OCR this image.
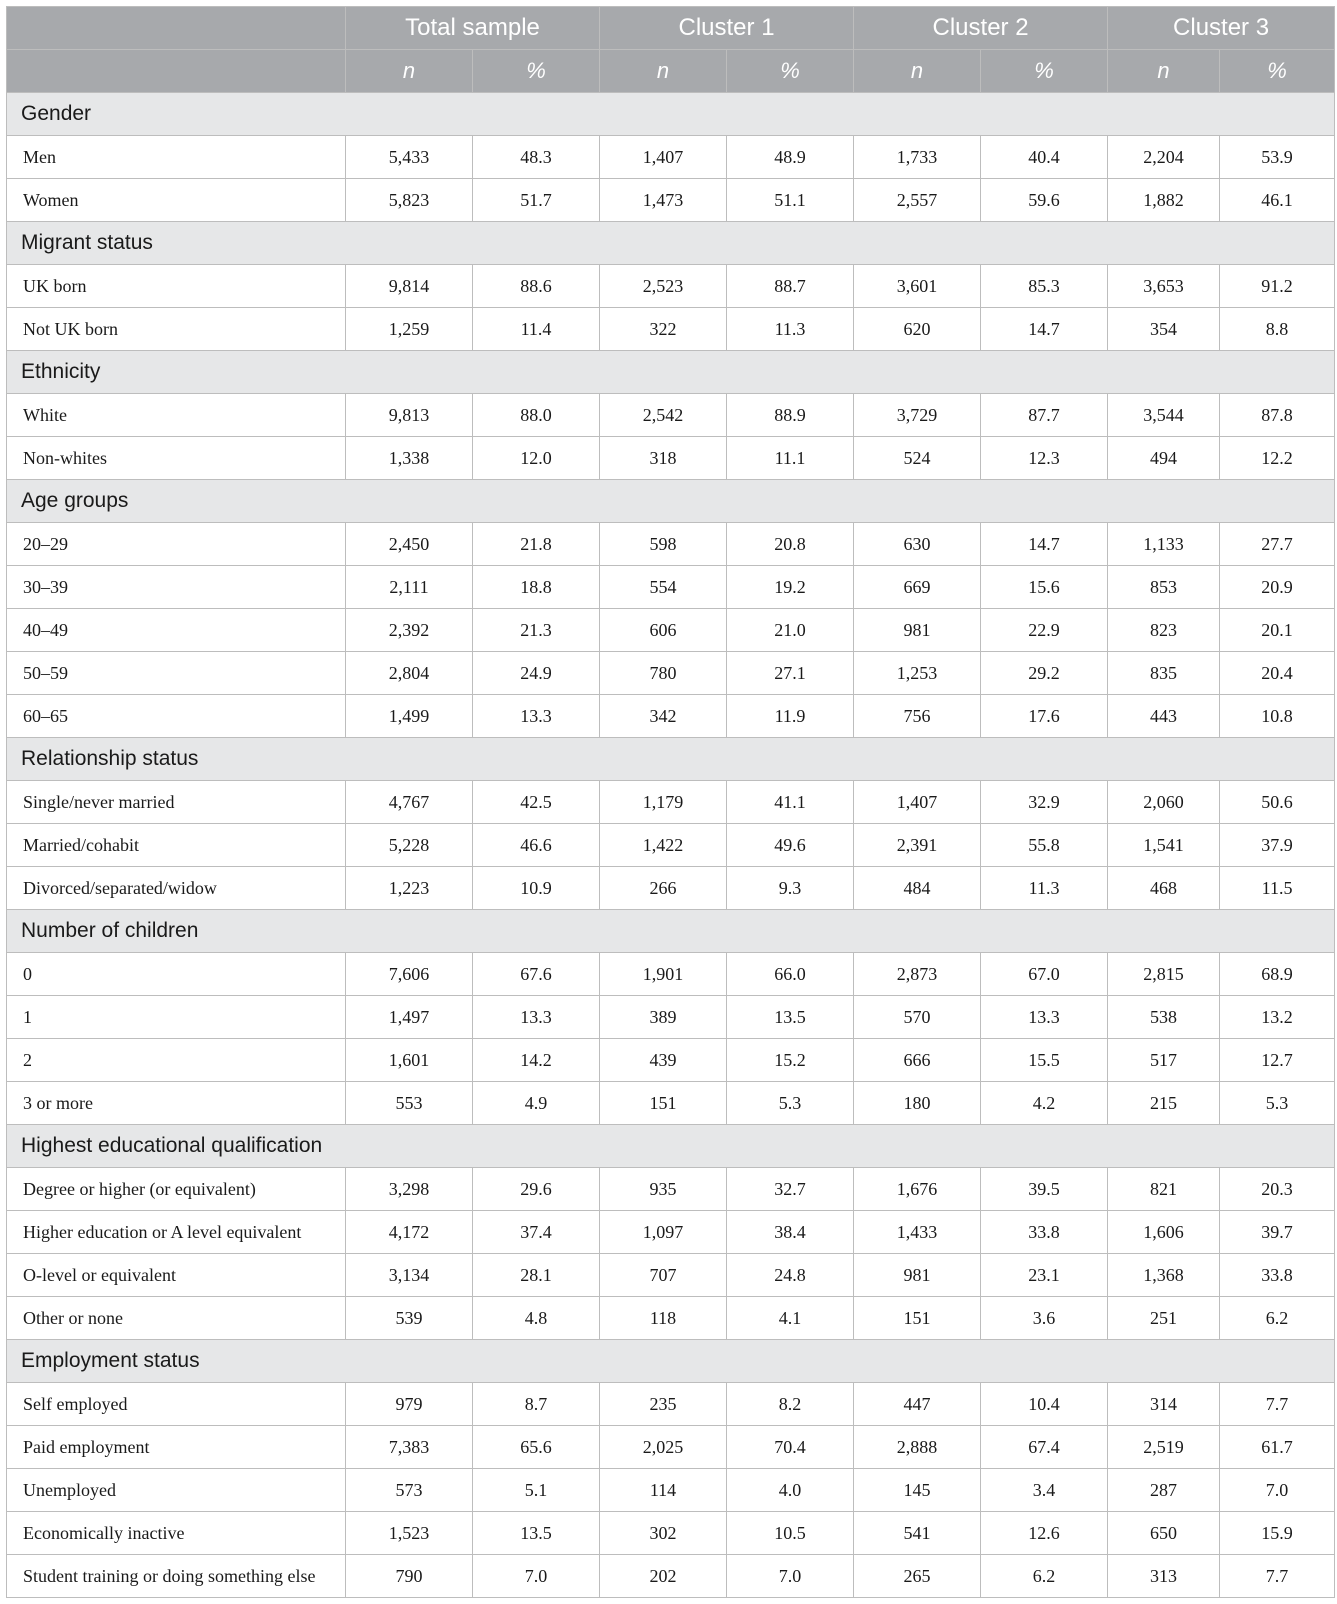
	Total sample		Cluster 1		Cluster 2		Cluster 3	
	n	%	n	%	n	%	n	%
Gender								
Men	5,433	48.3	1,407	48.9	1,733	40.4	2,204	53.9
Women	5,823	51.7	1,473	51.1	2,557	59.6	1,882	46.1
Migrant status								
UK born	9,814	88.6	2,523	88.7	3,601	85.3	3,653	91.2
Not UK born	1,259	11.4	322	11.3	620	14.7	354	8.8
Ethnicity								
White	9,813	88.0	2,542	88.9	3,729	87.7	3,544	87.8
Non-whites	1,338	12.0	318	11.1	524	12.3	494	12.2
Age groups								
20–29	2,450	21.8	598	20.8	630	14.7	1,133	27.7
30–39	2,111	18.8	554	19.2	669	15.6	853	20.9
40–49	2,392	21.3	606	21.0	981	22.9	823	20.1
50–59	2,804	24.9	780	27.1	1,253	29.2	835	20.4
60–65	1,499	13.3	342	11.9	756	17.6	443	10.8
Relationship status								
Single/never married	4,767	42.5	1,179	41.1	1,407	32.9	2,060	50.6
Married/cohabit	5,228	46.6	1,422	49.6	2,391	55.8	1,541	37.9
Divorced/separated/widow	1,223	10.9	266	9.3	484	11.3	468	11.5
Number of children								
0	7,606	67.6	1,901	66.0	2,873	67.0	2,815	68.9
1	1,497	13.3	389	13.5	570	13.3	538	13.2
2	1,601	14.2	439	15.2	666	15.5	517	12.7
3 or more	553	4.9	151	5.3	180	4.2	215	5.3
Highest educational qualification								
Degree or higher (or equivalent)	3,298	29.6	935	32.7	1,676	39.5	821	20.3
Higher education or A level equivalent	4,172	37.4	1,097	38.4	1,433	33.8	1,606	39.7
O-level or equivalent	3,134	28.1	707	24.8	981	23.1	1,368	33.8
Other or none	539	4.8	118	4.1	151	3.6	251	6.2
Employment status								
Self employed	979	8.7	235	8.2	447	10.4	314	7.7
Paid employment	7,383	65.6	2,025	70.4	2,888	67.4	2,519	61.7
Unemployed	573	5.1	114	4.0	145	3.4	287	7.0
Economically inactive	1,523	13.5	302	10.5	541	12.6	650	15.9
Student training or doing something else	790	7.0	202	7.0	265	6.2	313	7.7
